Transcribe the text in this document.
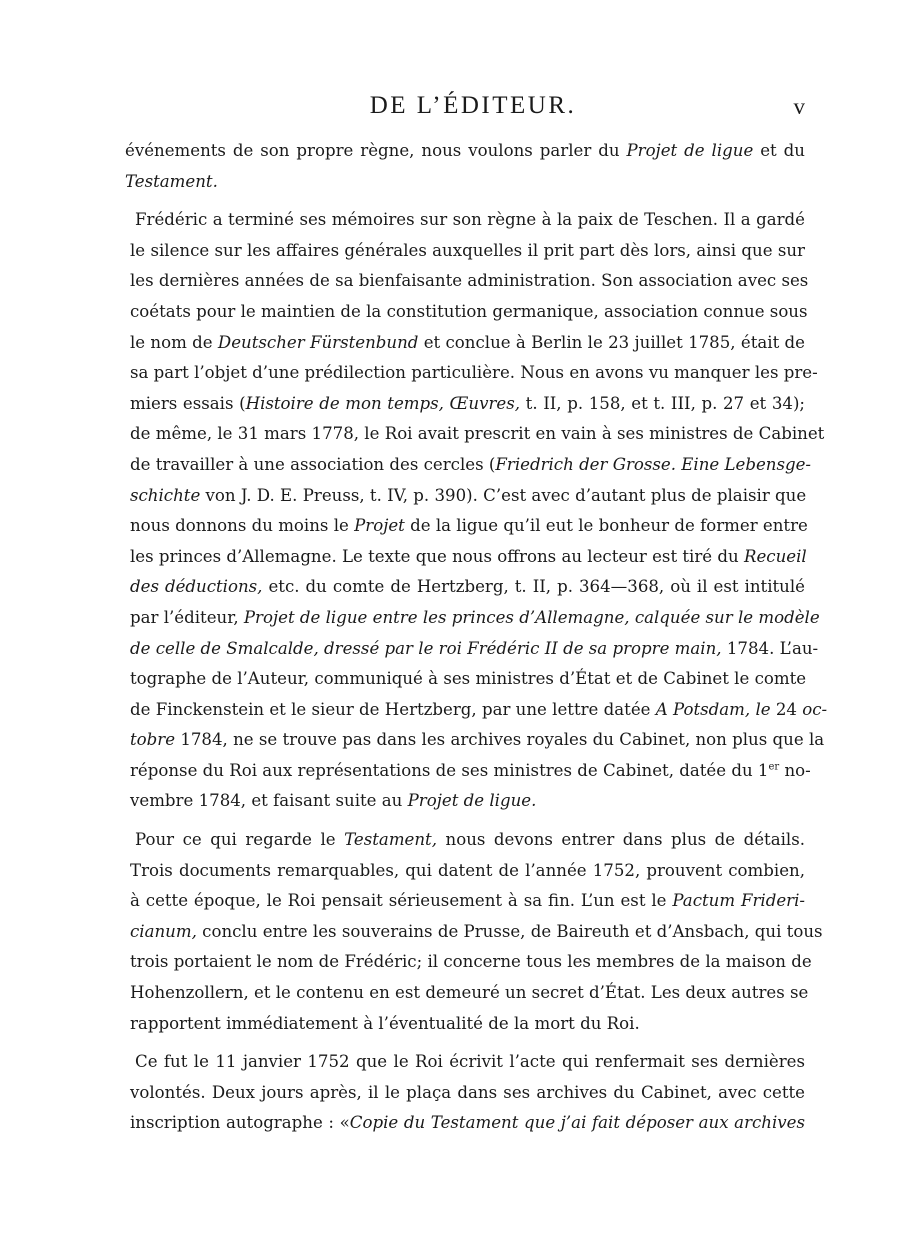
DE L’ÉDITEUR.	v

événements de son propre règne, nous voulons parler du Projet de ligue et du
Testament.

Frédéric a terminé ses mémoires sur son règne à la paix de Teschen. Il a gardé
le silence sur les affaires générales auxquelles il prit part dès lors, ainsi que sur
les dernières années de sa bienfaisante administration. Son association avec ses
coétats pour le maintien de la constitution germanique, association connue sous
le nom de Deutscher Fürstenbund et conclue à Berlin le 23 juillet 1785, était de
sa part l’objet d’une prédilection particulière. Nous en avons vu manquer les pre-
miers essais (Histoire de mon temps, Œuvres, t. II, p. 158, et t. III, p. 27 et 34);
de même, le 31 mars 1778, le Roi avait prescrit en vain à ses ministres de Cabinet
de travailler à une association des cercles (Friedrich der Grosse. Eine Lebensge-
schichte von J. D. E. Preuss, t. IV, p. 390). C’est avec d’autant plus de plaisir que
nous donnons du moins le Projet de la ligue qu’il eut le bonheur de former entre
les princes d’Allemagne. Le texte que nous offrons au lecteur est tiré du Recueil
des déductions, etc. du comte de Hertzberg, t. II, p. 364—368, où il est intitulé
par l’éditeur, Projet de ligue entre les princes d’Allemagne, calquée sur le modèle
de celle de Smalcalde, dressé par le roi Frédéric II de sa propre main, 1784. L’au-
tographe de l’Auteur, communiqué à ses ministres d’État et de Cabinet le comte
de Finckenstein et le sieur de Hertzberg, par une lettre datée A Potsdam, le 24 oc-
tobre 1784, ne se trouve pas dans les archives royales du Cabinet, non plus que la
réponse du Roi aux représentations de ses ministres de Cabinet, datée du 1er no-
vembre 1784, et faisant suite au Projet de ligue.

Pour ce qui regarde le Testament, nous devons entrer dans plus de détails.
Trois documents remarquables, qui datent de l’année 1752, prouvent combien,
à cette époque, le Roi pensait sérieusement à sa fin. L’un est le Pactum Frideri-
cianum, conclu entre les souverains de Prusse, de Baireuth et d’Ansbach, qui tous
trois portaient le nom de Frédéric; il concerne tous les membres de la maison de
Hohenzollern, et le contenu en est demeuré un secret d’État. Les deux autres se
rapportent immédiatement à l’éventualité de la mort du Roi.

Ce fut le 11 janvier 1752 que le Roi écrivit l’acte qui renfermait ses dernières
volontés. Deux jours après, il le plaça dans ses archives du Cabinet, avec cette
inscription autographe : «Copie du Testament que j’ai fait déposer aux archives
